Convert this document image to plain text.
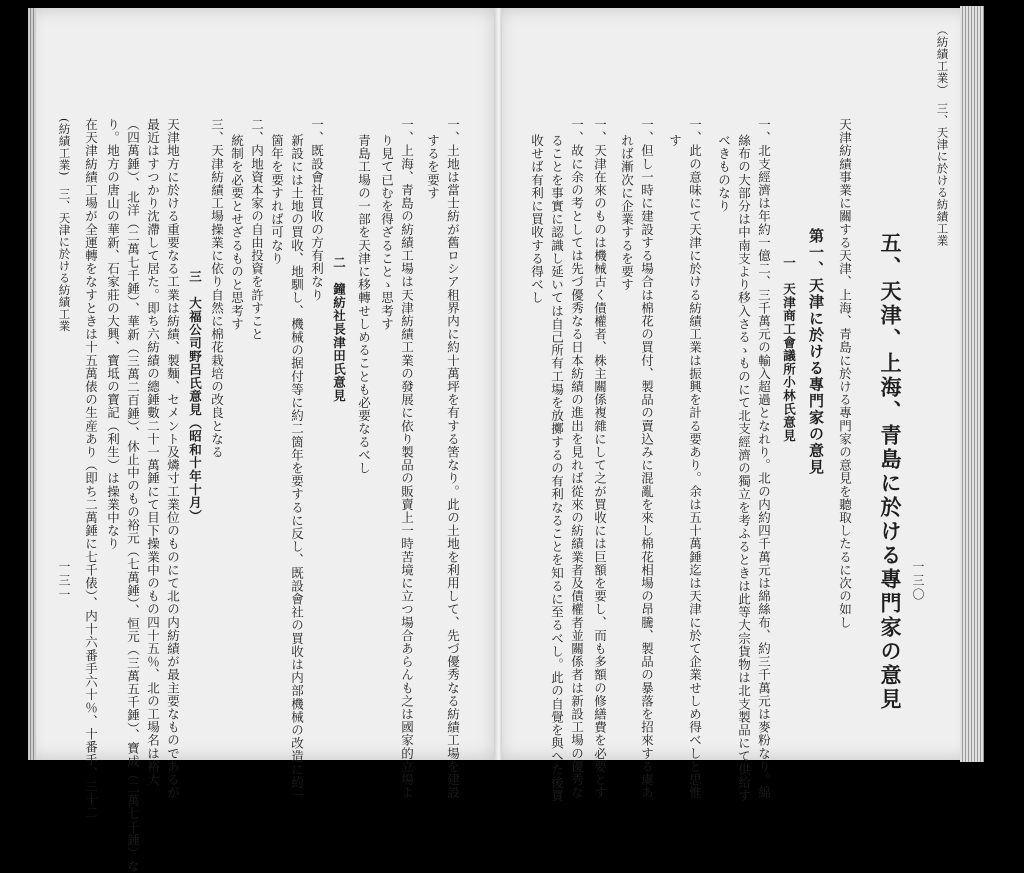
（紡績工業）　三、天津に於ける紡績工業
一三〇
五、天津、上海、青島に於ける專門家の意見
天津紡績事業に關する天津、上海、青島に於ける專門家の意見を聽取したるに次の如し
第一、天津に於ける專門家の意見
一　天津商工會議所小林氏意見
一、北支經濟は年約一億二、三千萬元の輸入超過となれり。北の内約四千萬元は綿絲布、約三千萬元は麥粉なり。綿
絲布の大部分は中南支より移入さるゝものにて北支經濟の獨立を考ふるときは此等大宗貨物は北支製品にて供給す
べきものなり
一、此の意味にて天津に於ける紡績工業は振興を計る要あり。余は五十萬錘迄は天津に於て企業せしめ得べしと思惟
す
一、但し一時に建設する場合は棉花の買付、製品の賣込みに混亂を來し棉花相場の昂騰、製品の暴落を招來する虞あ
れば漸次に企業するを要す
一、天津在來のものは機械古く債權者、株主關係複雜にして之が買收には巨額を要し、而も多額の修繕費を必要とす
一、故に余の考としては先づ優秀なる日本紡績の進出を見れば從來の紡績業者及債權者並關係者は新設工場の優秀な
ることを事實に認識し延いては自己所有工場を放擲するの有利なることを知るに至るべし。此の自覺を與へた後買
收せば有利に買收する得べし
一、土地は當士紡が舊ロシア租界内に約十萬坪を有する筈なり。此の土地を利用して、先づ優秀なる紡績工場を建設
するを要す
一、上海、青島の紡績工場は天津紡績工業の發展に依り製品の販賣上一時苦境に立つ場合あらんも之は國家的立場よ
り見て已むを得ざることゝ思考す
青島工場の一部を天津に移轉せしめることも必要なるべし
二　鐘紡社長津田氏意見
一、既設會社買收の方有利なり
新設には土地の買收、地馴し、機械の据付等に約二箇年を要するに反し、既設會社の買收は内部機械の改造に約一
箇年を要すれば可なり
二、内地資本家の自由投資を許すこと
統制を必要とせざるものと思考す
三、天津紡績工場操業に依り自然に棉花栽培の改良となる
三　大福公司野呂氏意見（昭和十年十月）
天津地方に於ける重要なる工業は紡績、製麵、セメント及燐寸工業位のものにて北の内紡績が最主要なものであるが
最近はすつかり沈滯して居た。即ち六紡績の總錘數二十一萬錘にて目下操業中のもの四十五％、北の工場名は裕大
（四萬錘）、北洋（二萬七千錘）、華新（三萬二百錘）、休止中のもの裕元（七萬錘）、恒元（三萬五千錘）、寶成（二萬七千錘）な
り。地方の唐山の華新、石家莊の大興、寶坻の寶記（利生）は操業中なり
在天津紡績工場が全運轉をなすときは十五萬俵の生産あり（即ち二萬錘に七千俵）、内十六番手六十％、十番手、三十二
(紡績工業)　三、天津に於ける紡績工業
一三一
